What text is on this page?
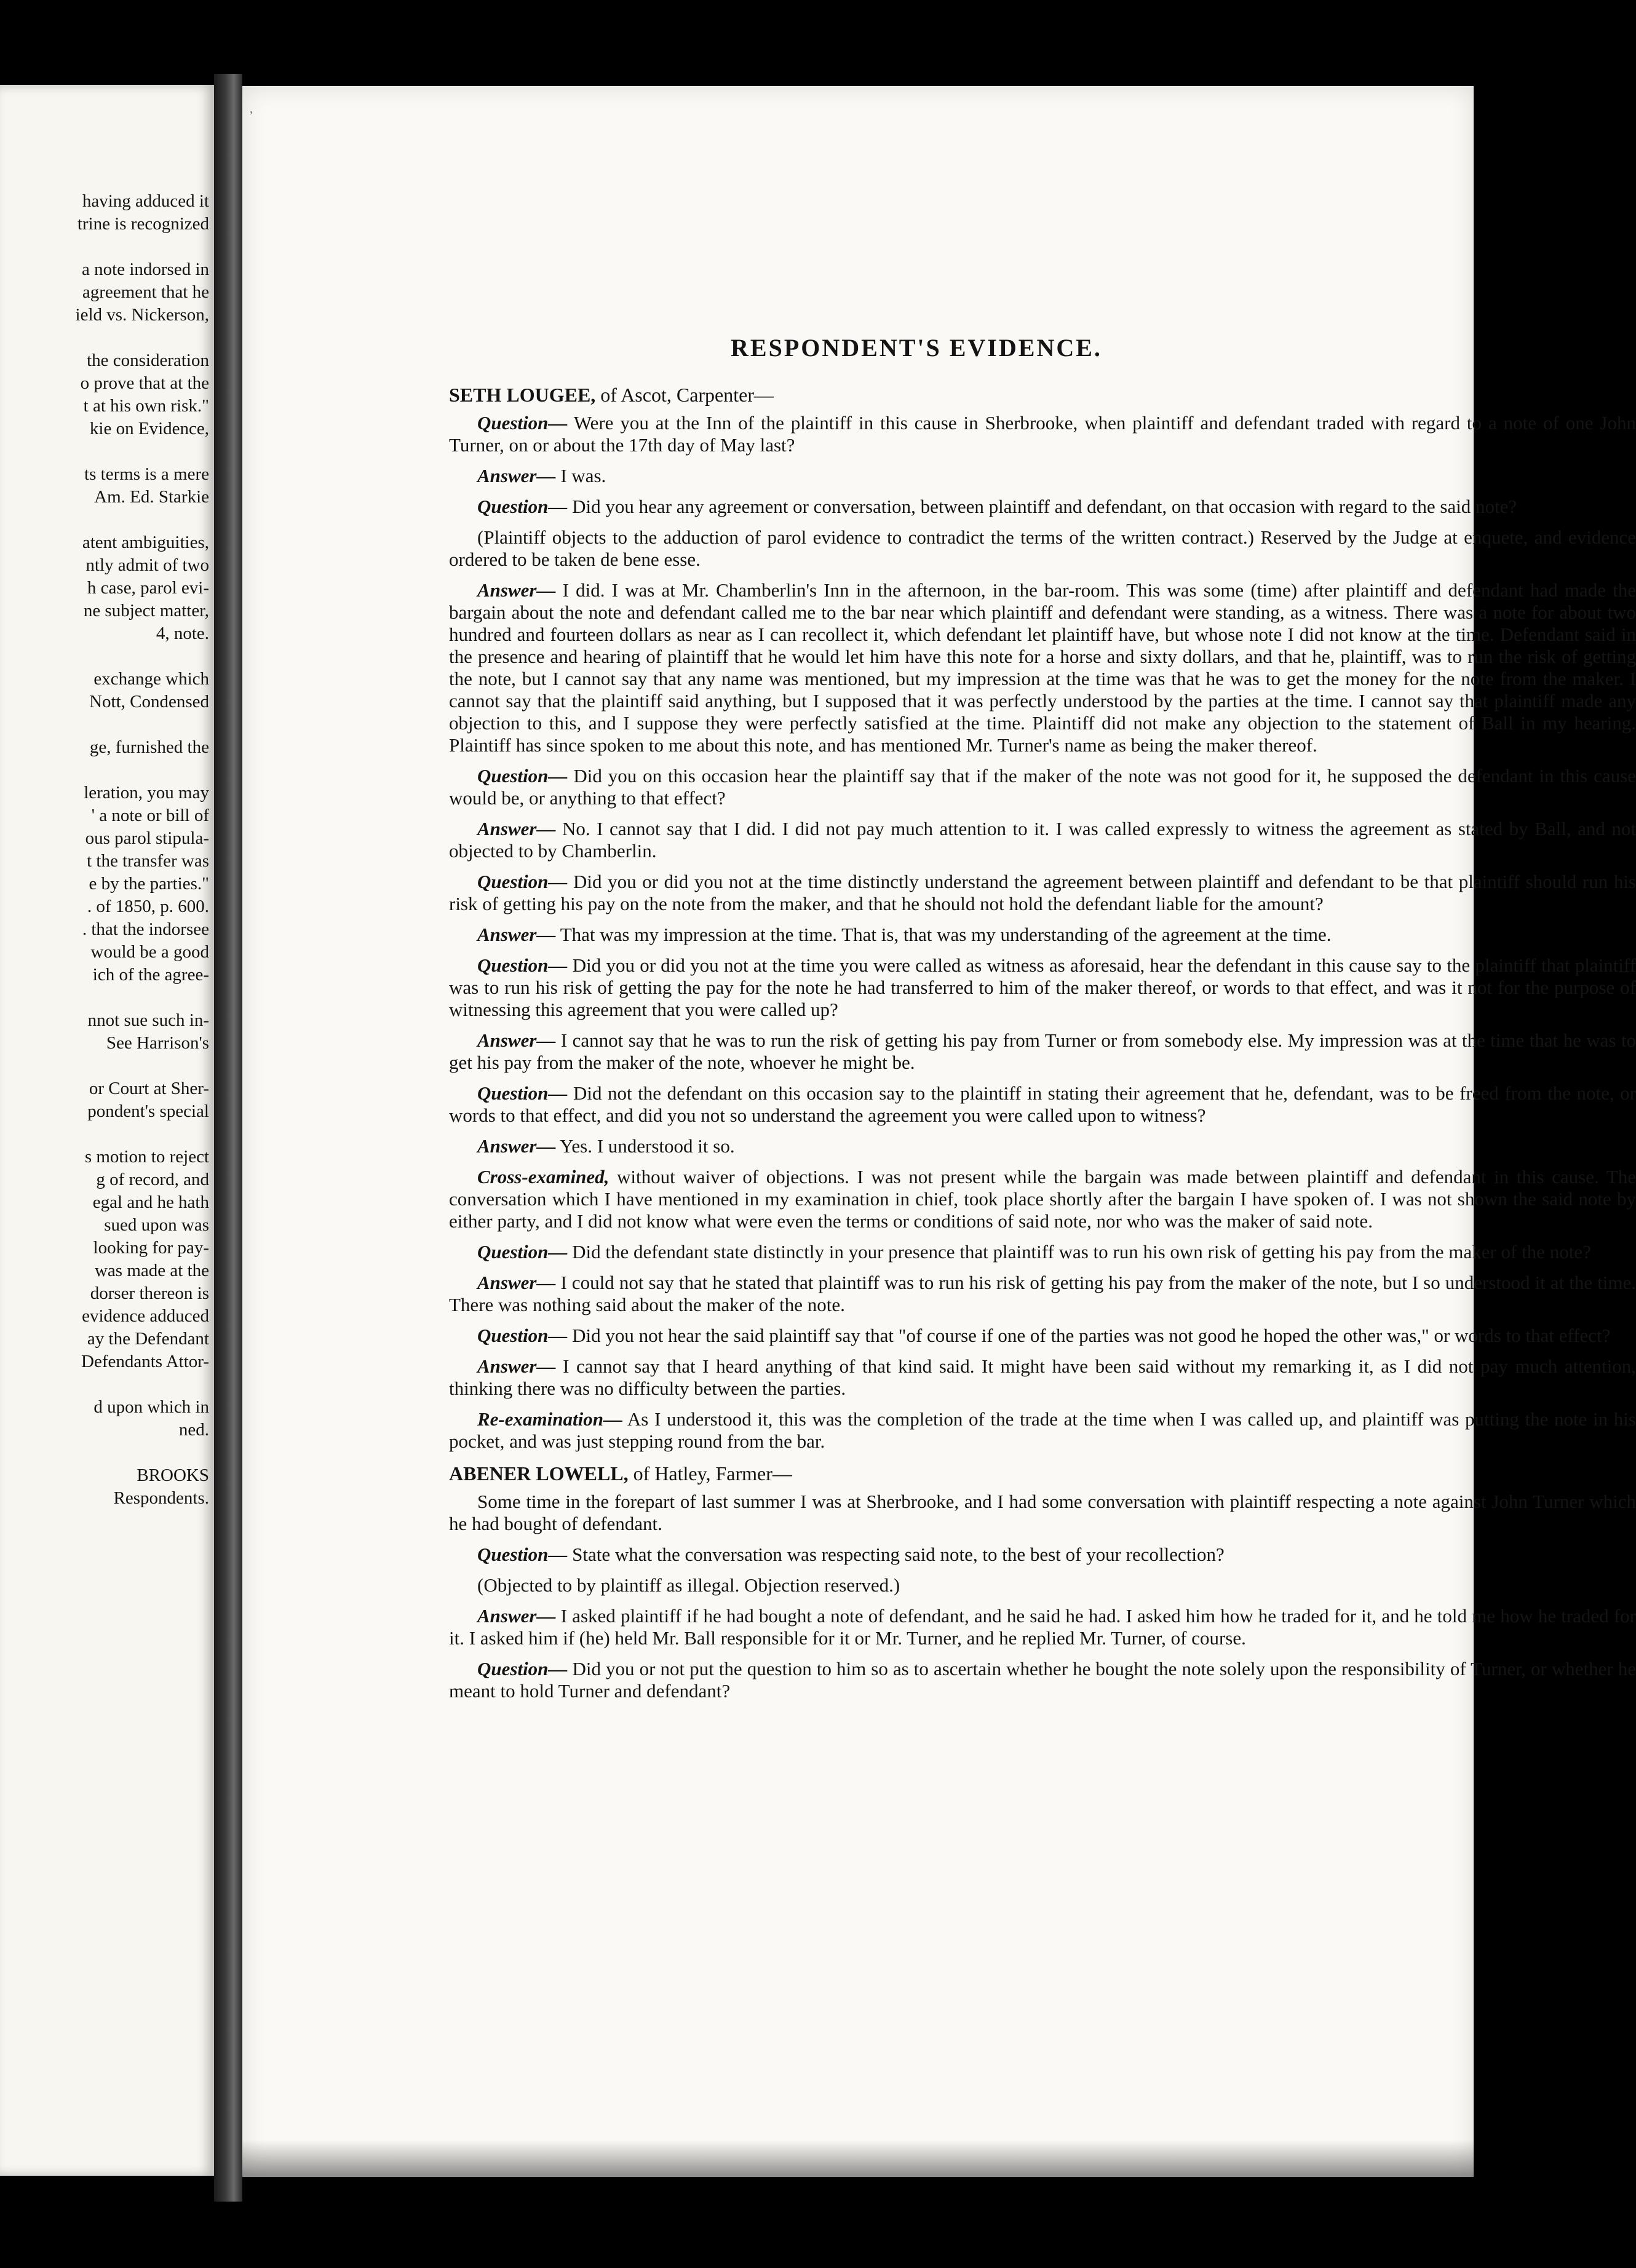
having adduced it
trine is recognized
a note indorsed in
agreement that he
ield vs. Nickerson,
the consideration
o prove that at the
t at his own risk."
kie on Evidence,
ts terms is a mere
Am. Ed. Starkie
atent ambiguities,
ntly admit of two
h case, parol evi-
ne subject matter,
4, note.
exchange which
Nott, Condensed
ge, furnished the
leration, you may
' a note or bill of
ous parol stipula-
t the transfer was
e by the parties."
. of 1850, p. 600.
. that the indorsee
would be a good
ich of the agree-
nnot sue such in-
See Harrison's
or Court at Sher-
pondent's special
s motion to reject
g of record, and
egal and he hath
sued upon was
looking for pay-
was made at the
dorser thereon is
evidence adduced
ay the Defendant
Defendants Attor-
d upon which in
ned.
BROOKS
Respondents.
,
RESPONDENT'S EVIDENCE.
SETH LOUGEE, of Ascot, Carpenter—

Question— Were you at the Inn of the plaintiff in this cause in Sherbrooke, when plaintiff and defendant traded with regard to a note of one John Turner, on or about the 17th day of May last?

Answer— I was.

Question— Did you hear any agreement or conversation, between plaintiff and defendant, on that occasion with regard to the said note?

(Plaintiff objects to the adduction of parol evidence to contradict the terms of the written contract.) Reserved by the Judge at enquete, and evidence ordered to be taken de bene esse.

Answer— I did. I was at Mr. Chamberlin's Inn in the afternoon, in the bar-room. This was some (time) after plaintiff and defendant had made the bargain about the note and defendant called me to the bar near which plaintiff and defendant were standing, as a witness. There was a note for about two hundred and fourteen dollars as near as I can recollect it, which defendant let plaintiff have, but whose note I did not know at the time. Defendant said in the presence and hearing of plaintiff that he would let him have this note for a horse and sixty dollars, and that he, plaintiff, was to run the risk of getting the note, but I cannot say that any name was mentioned, but my impression at the time was that he was to get the money for the note from the maker. I cannot say that the plaintiff said anything, but I supposed that it was perfectly understood by the parties at the time. I cannot say that plaintiff made any objection to this, and I suppose they were perfectly satisfied at the time. Plaintiff did not make any objection to the statement of Ball in my hearing. Plaintiff has since spoken to me about this note, and has mentioned Mr. Turner's name as being the maker thereof.

Question— Did you on this occasion hear the plaintiff say that if the maker of the note was not good for it, he supposed the defendant in this cause would be, or anything to that effect?

Answer— No. I cannot say that I did. I did not pay much attention to it. I was called expressly to witness the agreement as stated by Ball, and not objected to by Chamberlin.

Question— Did you or did you not at the time distinctly understand the agreement between plaintiff and defendant to be that plaintiff should run his risk of getting his pay on the note from the maker, and that he should not hold the defendant liable for the amount?

Answer— That was my impression at the time. That is, that was my understanding of the agreement at the time.

Question— Did you or did you not at the time you were called as witness as aforesaid, hear the defendant in this cause say to the plaintiff that plaintiff was to run his risk of getting the pay for the note he had transferred to him of the maker thereof, or words to that effect, and was it not for the purpose of witnessing this agreement that you were called up?

Answer— I cannot say that he was to run the risk of getting his pay from Turner or from somebody else. My impression was at the time that he was to get his pay from the maker of the note, whoever he might be.

Question— Did not the defendant on this occasion say to the plaintiff in stating their agreement that he, defendant, was to be freed from the note, or words to that effect, and did you not so understand the agreement you were called upon to witness?

Answer— Yes. I understood it so.

Cross-examined, without waiver of objections. I was not present while the bargain was made between plaintiff and defendant in this cause. The conversation which I have mentioned in my examination in chief, took place shortly after the bargain I have spoken of. I was not shown the said note by either party, and I did not know what were even the terms or conditions of said note, nor who was the maker of said note.

Question— Did the defendant state distinctly in your presence that plaintiff was to run his own risk of getting his pay from the maker of the note?

Answer— I could not say that he stated that plaintiff was to run his risk of getting his pay from the maker of the note, but I so understood it at the time. There was nothing said about the maker of the note.

Question— Did you not hear the said plaintiff say that "of course if one of the parties was not good he hoped the other was," or words to that effect?

Answer— I cannot say that I heard anything of that kind said. It might have been said without my remarking it, as I did not pay much attention, thinking there was no difficulty between the parties.

Re-examination— As I understood it, this was the completion of the trade at the time when I was called up, and plaintiff was putting the note in his pocket, and was just stepping round from the bar.

ABENER LOWELL, of Hatley, Farmer—

Some time in the forepart of last summer I was at Sherbrooke, and I had some conversation with plaintiff respecting a note against John Turner which he had bought of defendant.

Question— State what the conversation was respecting said note, to the best of your recollection?

(Objected to by plaintiff as illegal. Objection reserved.)

Answer— I asked plaintiff if he had bought a note of defendant, and he said he had. I asked him how he traded for it, and he told me how he traded for it. I asked him if (he) held Mr. Ball responsible for it or Mr. Turner, and he replied Mr. Turner, of course.

Question— Did you or not put the question to him so as to ascertain whether he bought the note solely upon the responsibility of Turner, or whether he meant to hold Turner and defendant?
